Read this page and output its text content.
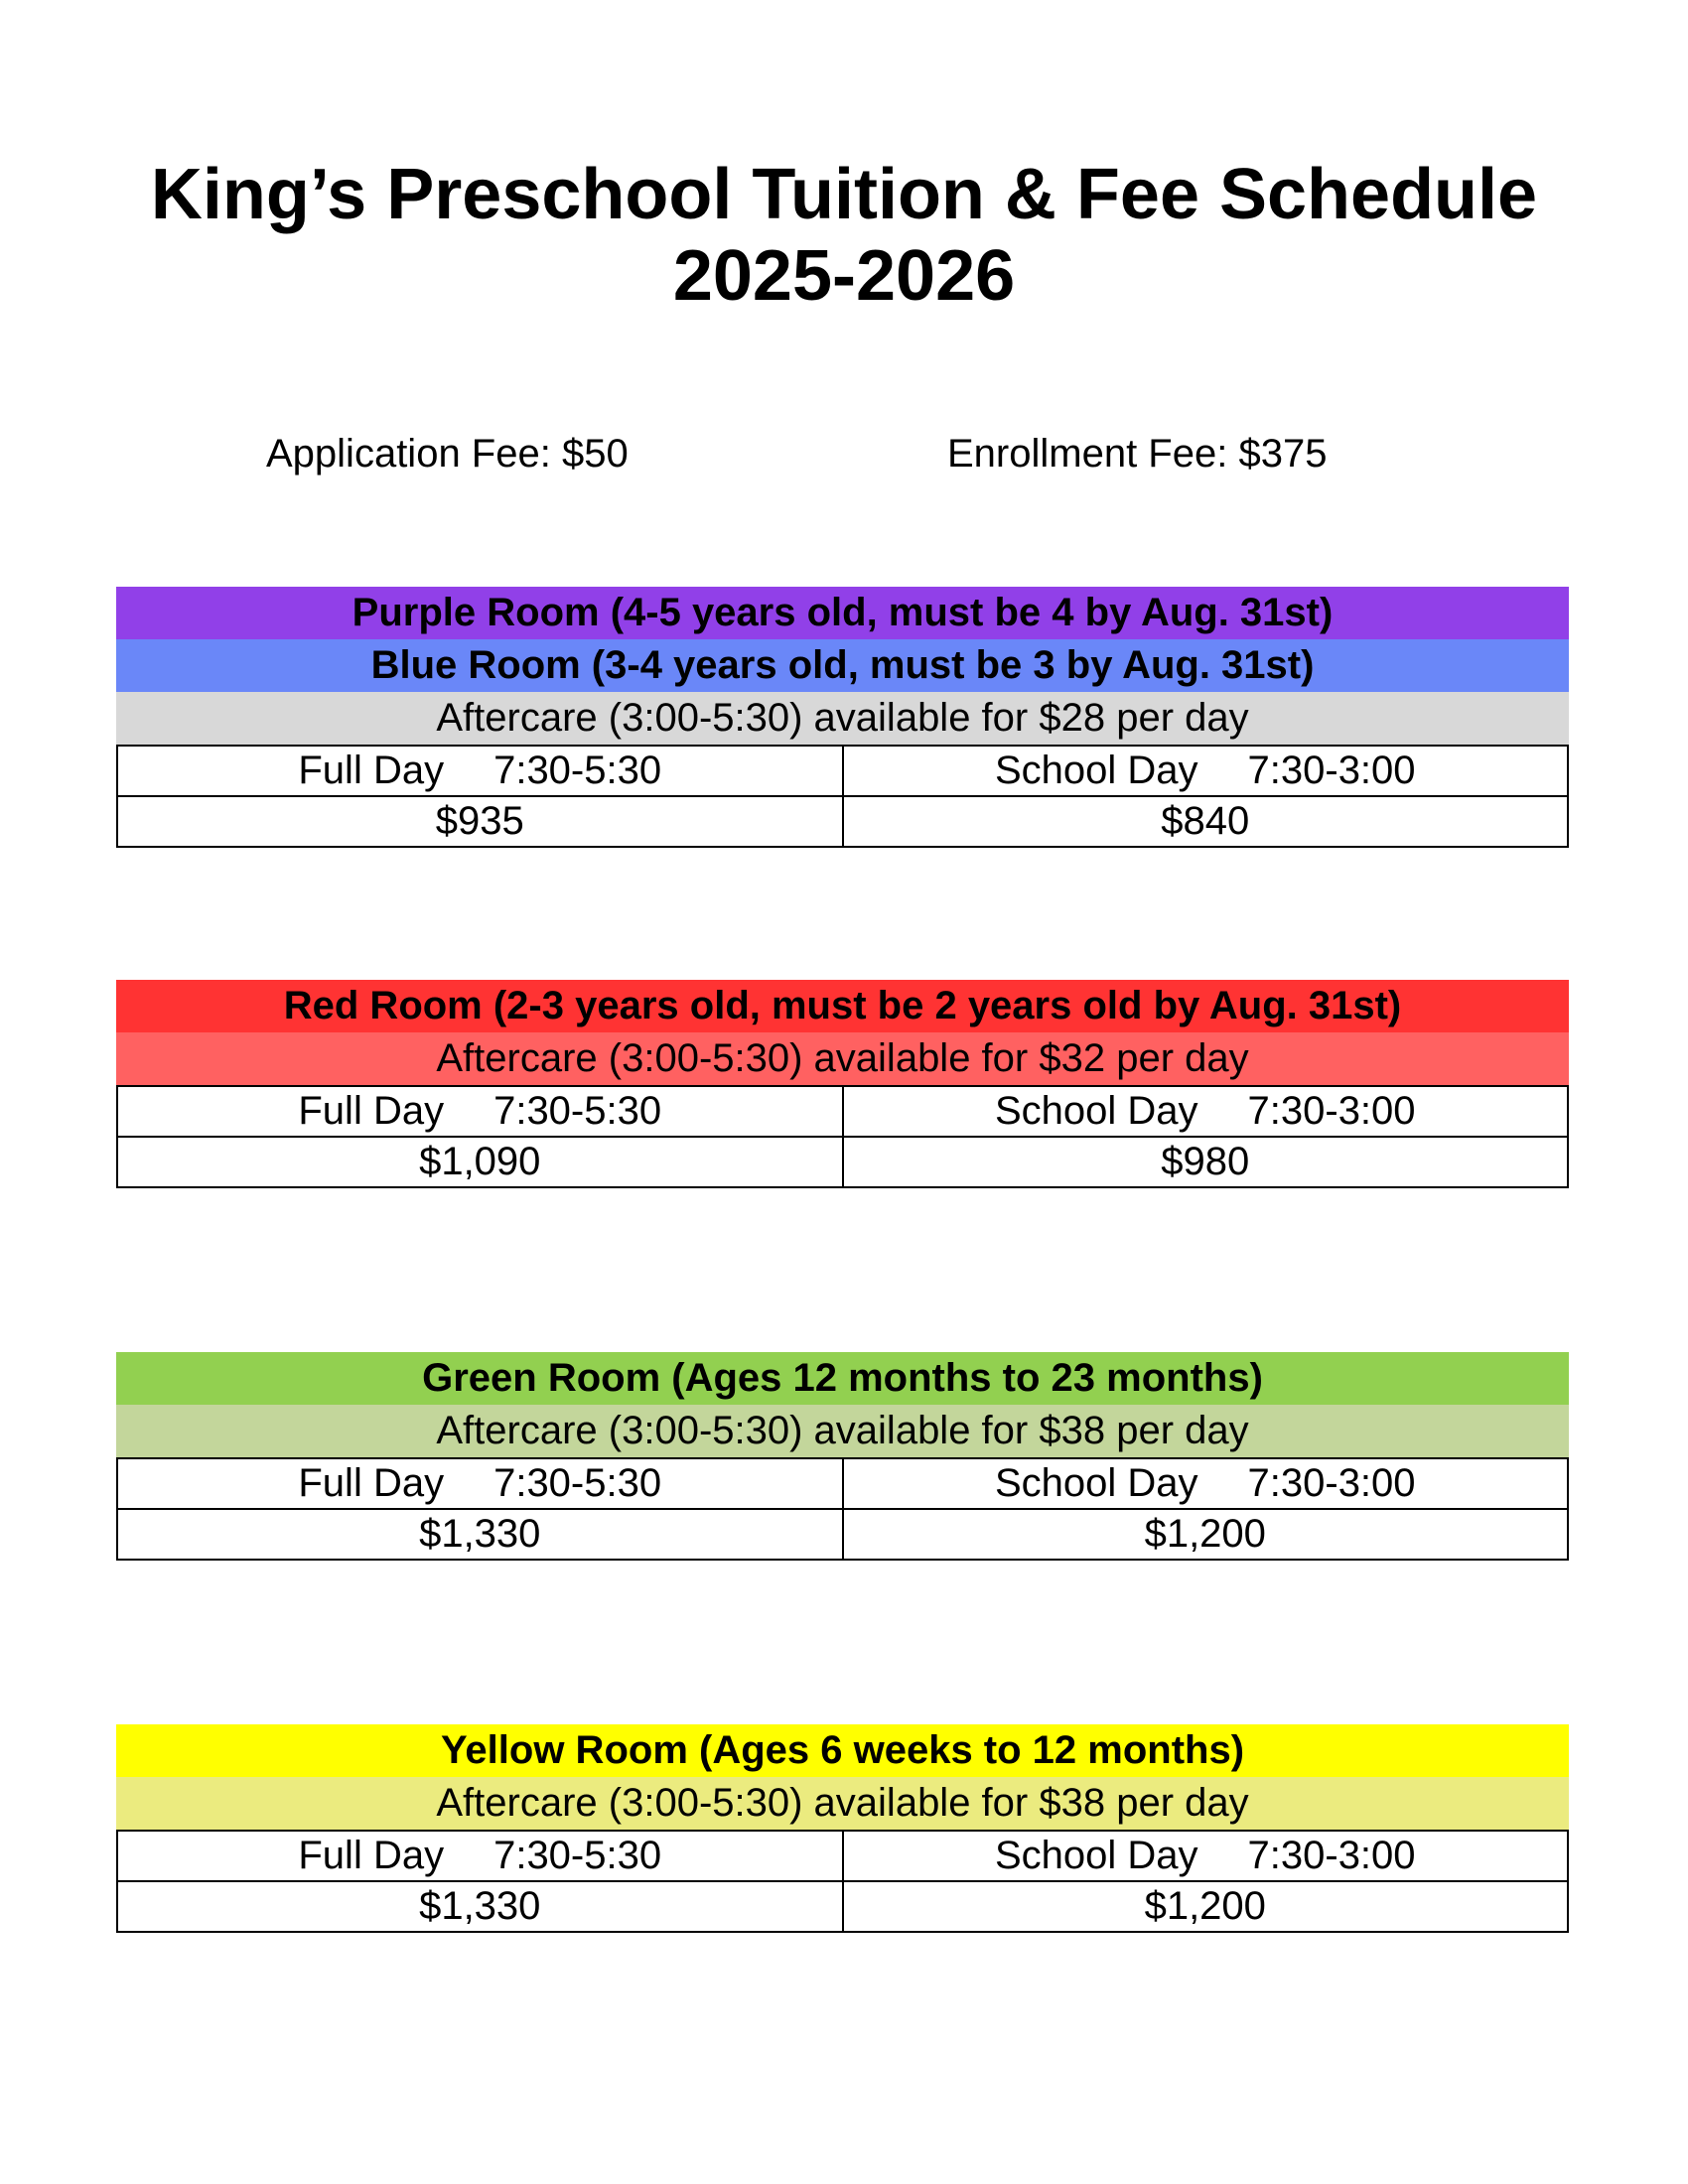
King’s Preschool Tuition & Fee Schedule
2025-2026
Application Fee: $50	Enrollment Fee: $375
Purple Room (4-5 years old, must be 4 by Aug. 31st)
Blue Room (3-4 years old, must be 3 by Aug. 31st)
Aftercare (3:00-5:30) available for $28 per day
Full Day 7:30-5:30	School Day 7:30-3:00
$935	$840
Red Room (2-3 years old, must be 2 years old by Aug. 31st)
Aftercare (3:00-5:30) available for $32 per day
Full Day 7:30-5:30	School Day 7:30-3:00
$1,090	$980
Green Room (Ages 12 months to 23 months)
Aftercare (3:00-5:30) available for $38 per day
Full Day 7:30-5:30	School Day 7:30-3:00
$1,330	$1,200
Yellow Room (Ages 6 weeks to 12 months)
Aftercare (3:00-5:30) available for $38 per day
Full Day 7:30-5:30	School Day 7:30-3:00
$1,330	$1,200
